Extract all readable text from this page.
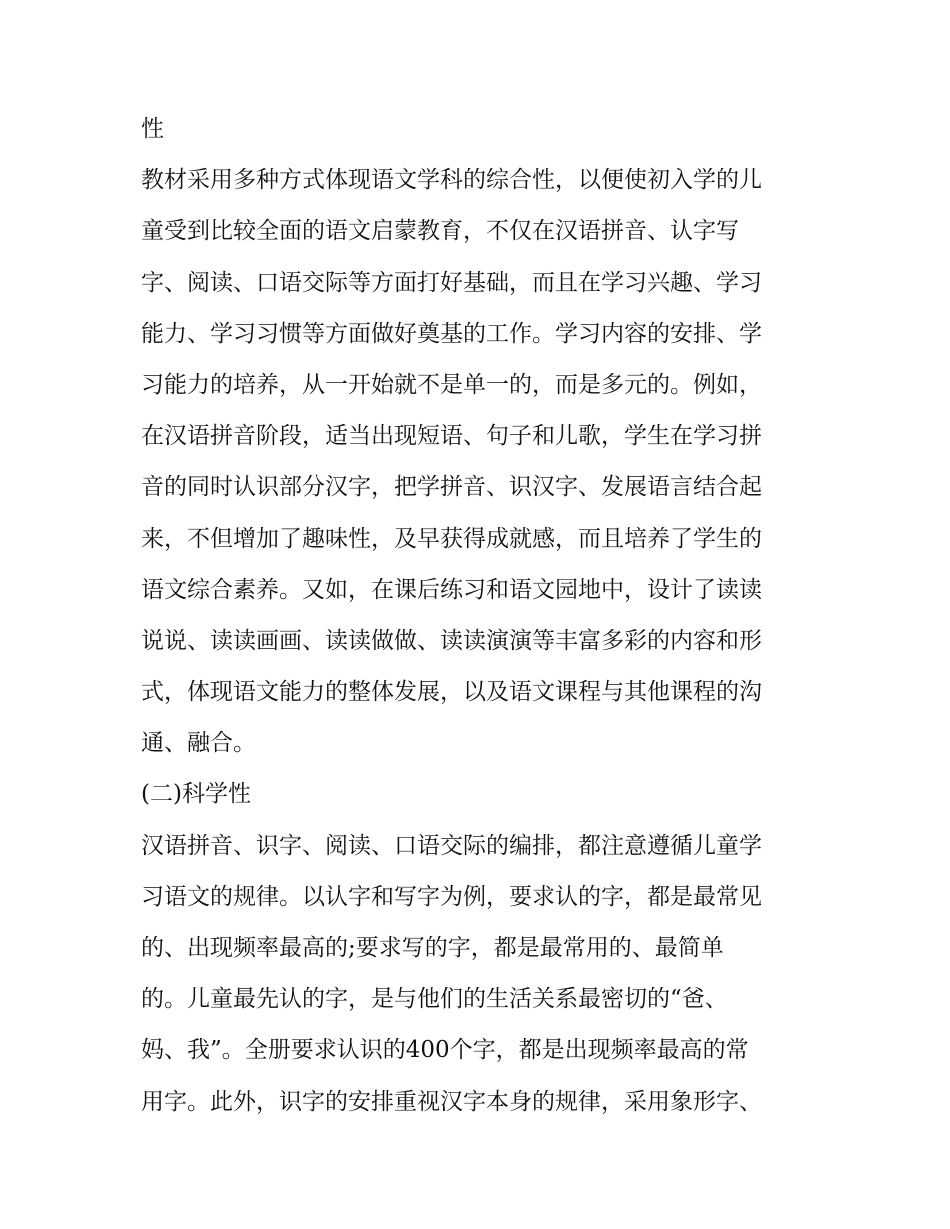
性
教材采用多种方式体现语文学科的综合性，以便使初入学的儿
童受到比较全面的语文启蒙教育，不仅在汉语拼音、认字写
字、阅读、口语交际等方面打好基础，而且在学习兴趣、学习
能力、学习习惯等方面做好奠基的工作。学习内容的安排、学
习能力的培养，从一开始就不是单一的，而是多元的。例如，
在汉语拼音阶段，适当出现短语、句子和儿歌，学生在学习拼
音的同时认识部分汉字，把学拼音、识汉字、发展语言结合起
来，不但增加了趣味性，及早获得成就感，而且培养了学生的
语文综合素养。又如，在课后练习和语文园地中，设计了读读
说说、读读画画、读读做做、读读演演等丰富多彩的内容和形
式，体现语文能力的整体发展，以及语文课程与其他课程的沟
通、融合。
(二)科学性
汉语拼音、识字、阅读、口语交际的编排，都注意遵循儿童学
习语文的规律。以认字和写字为例，要求认的字，都是最常见
的、出现频率最高的;要求写的字，都是最常用的、最简单
的。儿童最先认的字，是与他们的生活关系最密切的“爸、
妈、我”。全册要求认识的400个字，都是出现频率最高的常
用字。此外，识字的安排重视汉字本身的规律，采用象形字、
